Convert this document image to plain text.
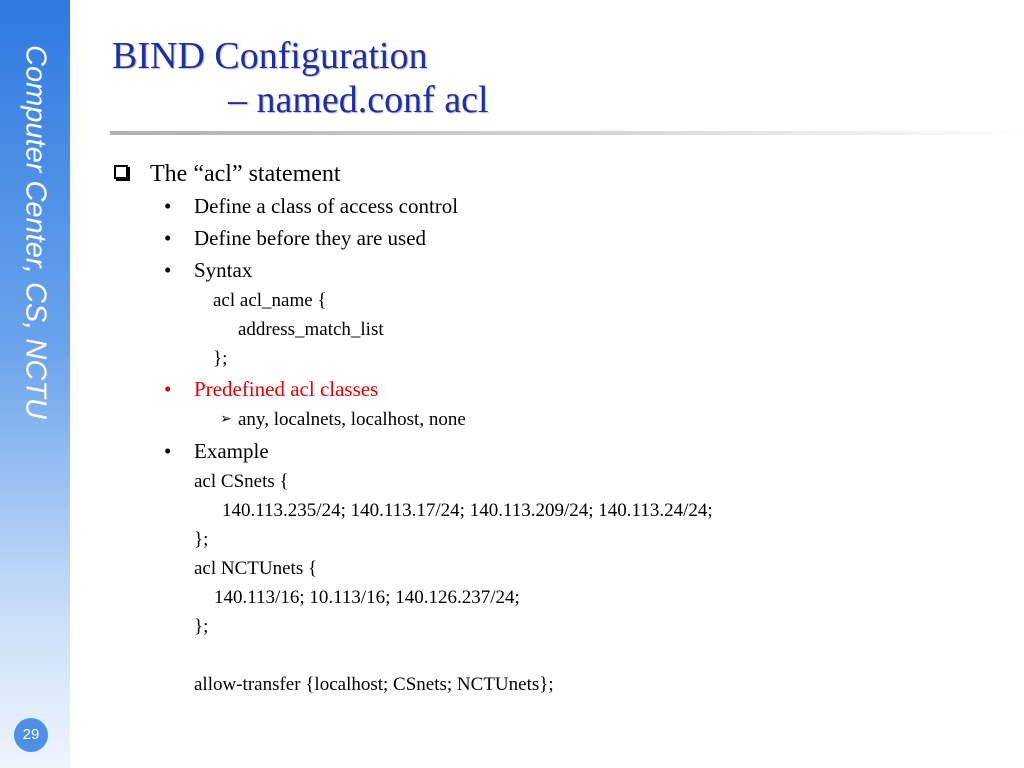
Computer Center, CS, NCTU
29
BIND Configuration
– named.conf acl
The “acl” statement
• Define a class of access control
• Define before they are used
• Syntax
acl acl_name {
address_match_list
};
• Predefined acl classes
➢ any, localnets, localhost, none
• Example
acl CSnets {
140.113.235/24; 140.113.17/24; 140.113.209/24; 140.113.24/24;
};
acl NCTUnets {
140.113/16; 10.113/16; 140.126.237/24;
};
allow-transfer {localhost; CSnets; NCTUnets};
